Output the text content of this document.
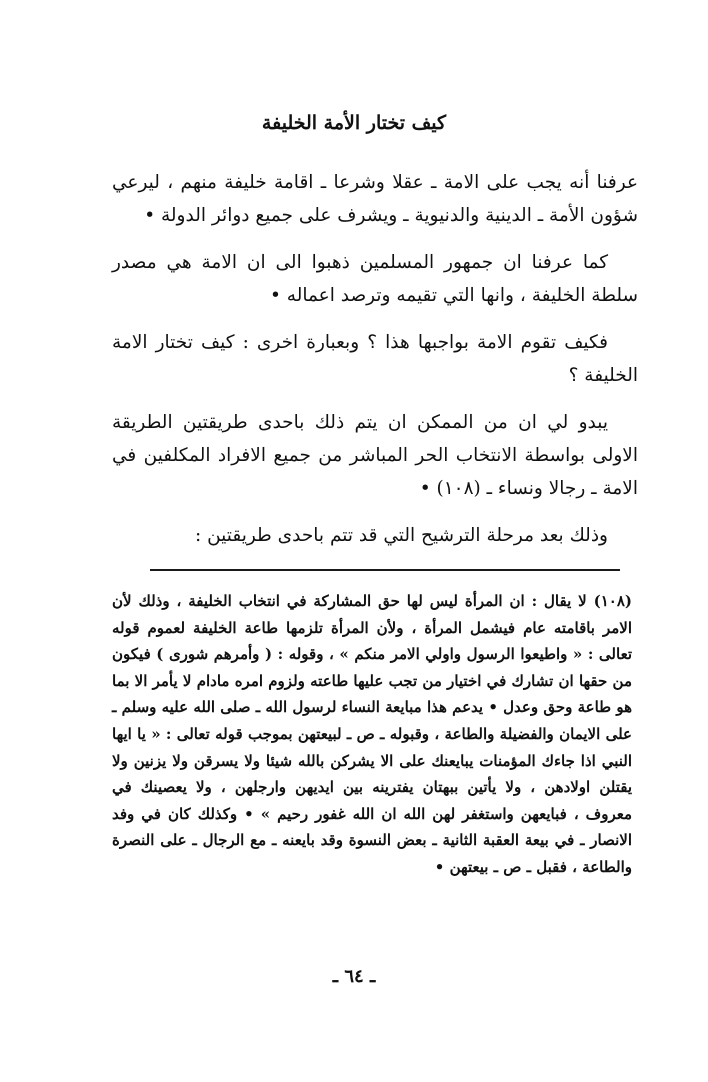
كيف تختار الأمة الخليفة

عرفنا أنه يجب على الامة ـ عقلا وشرعا ـ اقامة خليفة منهم ، ليرعي شؤون الأمة ـ الدينية والدنيوية ـ ويشرف على جميع دوائر الدولة •

كما عرفنا ان جمهور المسلمين ذهبوا الى ان الامة هي مصدر سلطة الخليفة ، وانها التي تقيمه وترصد اعماله •

فكيف تقوم الامة بواجبها هذا ؟ وبعبارة اخرى : كيف تختار الامة الخليفة ؟

يبدو لي ان من الممكن ان يتم ذلك باحدى طريقتين الطريقة الاولى بواسطة الانتخاب الحر المباشر من جميع الافراد المكلفين في الامة ـ رجالا ونساء ـ (١٠٨) •

وذلك بعد مرحلة الترشيح التي قد تتم باحدى طريقتين :

(١٠٨) لا يقال : ان المرأة ليس لها حق المشاركة في انتخاب الخليفة ، وذلك لأن الامر باقامته عام فيشمل المرأة ، ولأن المرأة تلزمها طاعة الخليفة لعموم قوله تعالى : « واطيعوا الرسول واولي الامر منكم » ، وقوله : ( وأمرهم شورى ) فيكون من حقها ان تشارك في اختيار من تجب عليها طاعته ولزوم امره مادام لا يأمر الا بما هو طاعة وحق وعدل • يدعم هذا مبايعة النساء لرسول الله ـ صلى الله عليه وسلم ـ على الايمان والفضيلة والطاعة ، وقبوله ـ ص ـ لبيعتهن بموجب قوله تعالى : « يا ايها النبي اذا جاءك المؤمنات يبايعنك على الا يشركن بالله شيئا ولا يسرقن ولا يزنين ولا يقتلن اولادهن ، ولا يأتين ببهتان يفترينه بين ايديهن وارجلهن ، ولا يعصينك في معروف ، فبايعهن واستغفر لهن الله ان الله غفور رحيم » • وكذلك كان في وفد الانصار ـ في بيعة العقبة الثانية ـ بعض النسوة وقد بايعنه ـ مع الرجال ـ على النصرة والطاعة ، فقبل ـ ص ـ بيعتهن •

ـ ٦٤ ـ
